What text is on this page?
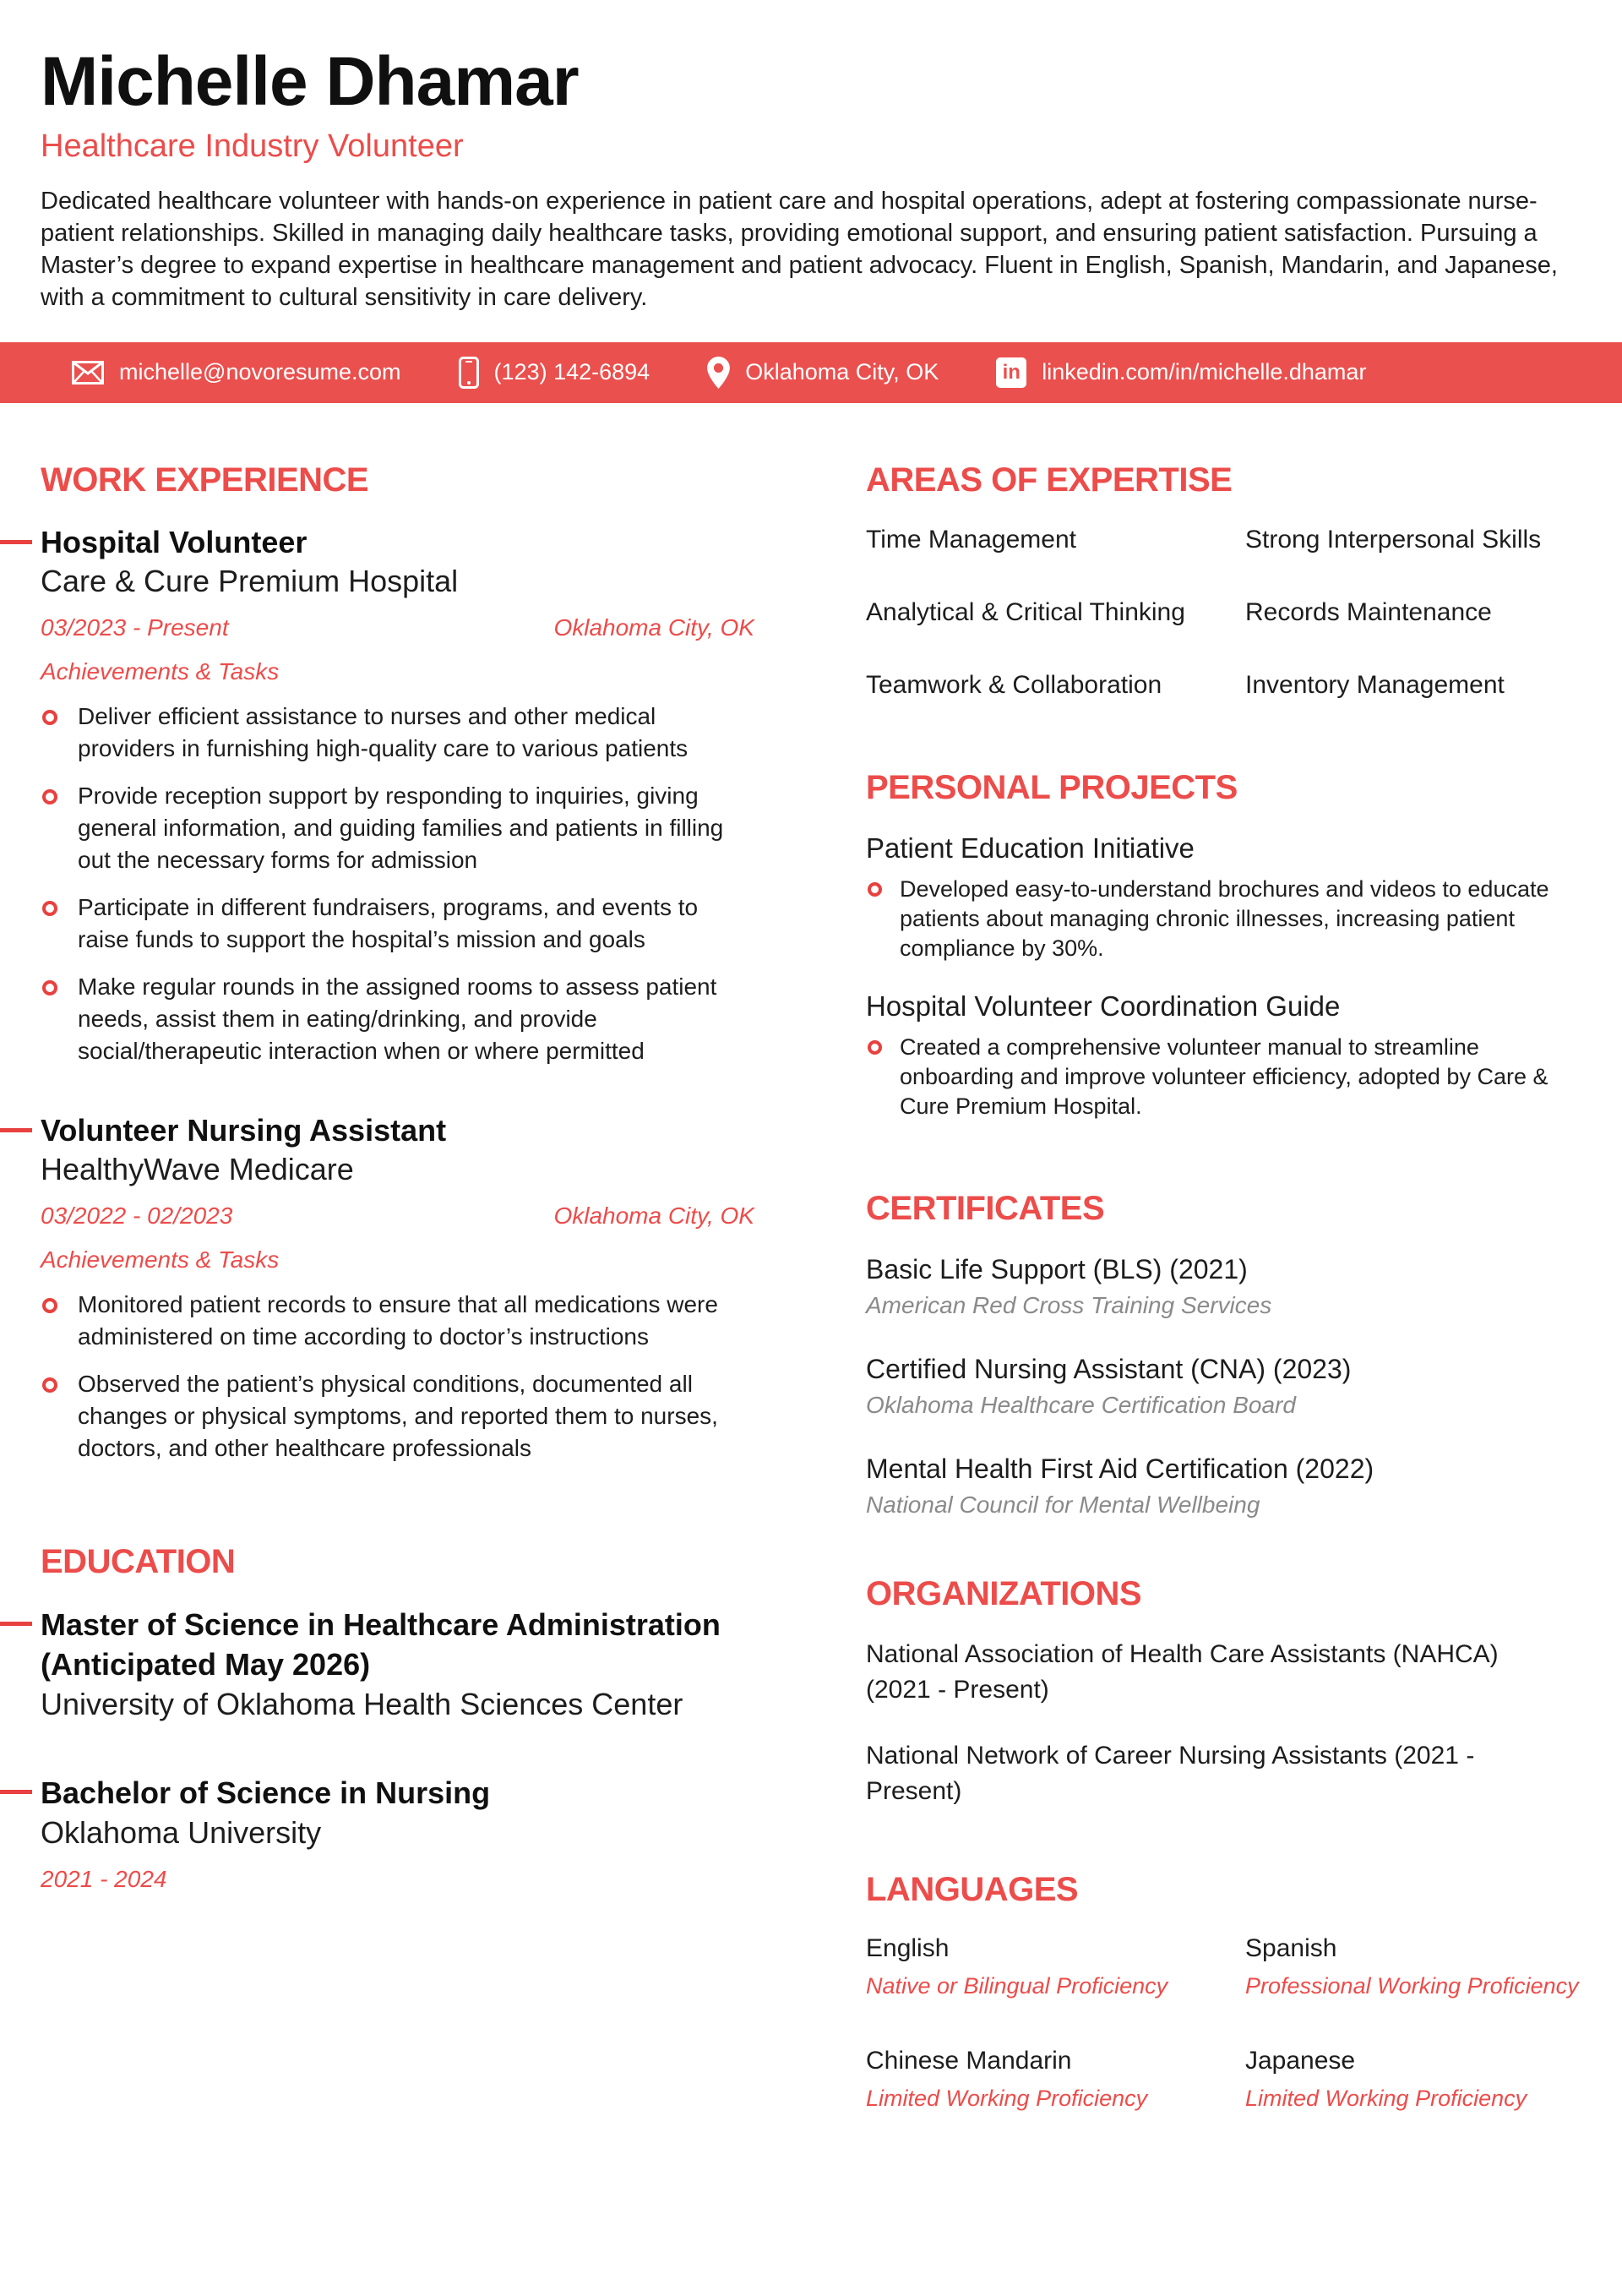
Michelle Dhamar
Healthcare Industry Volunteer
Dedicated healthcare volunteer with hands-on experience in patient care and hospital operations, adept at fostering compassionate nurse-patient relationships. Skilled in managing daily healthcare tasks, providing emotional support, and ensuring patient satisfaction. Pursuing a Master’s degree to expand expertise in healthcare management and patient advocacy. Fluent in English, Spanish, Mandarin, and Japanese, with a commitment to cultural sensitivity in care delivery.
michelle@novoresume.com	(123) 142-6894	Oklahoma City, OK	in linkedin.com/in/michelle.dhamar
WORK EXPERIENCE
Hospital Volunteer
Care & Cure Premium Hospital
03/2023 - Present	Oklahoma City, OK
Achievements & Tasks
Deliver efficient assistance to nurses and other medical providers in furnishing high-quality care to various patients
Provide reception support by responding to inquiries, giving general information, and guiding families and patients in filling out the necessary forms for admission
Participate in different fundraisers, programs, and events to raise funds to support the hospital’s mission and goals
Make regular rounds in the assigned rooms to assess patient needs, assist them in eating/drinking, and provide social/therapeutic interaction when or where permitted
Volunteer Nursing Assistant
HealthyWave Medicare
03/2022 - 02/2023	Oklahoma City, OK
Achievements & Tasks
Monitored patient records to ensure that all medications were administered on time according to doctor’s instructions
Observed the patient’s physical conditions, documented all changes or physical symptoms, and reported them to nurses, doctors, and other healthcare professionals
EDUCATION
Master of Science in Healthcare Administration (Anticipated May 2026)
University of Oklahoma Health Sciences Center
Bachelor of Science in Nursing
Oklahoma University
2021 - 2024
AREAS OF EXPERTISE
Time Management	Strong Interpersonal Skills
Analytical & Critical Thinking	Records Maintenance
Teamwork & Collaboration	Inventory Management
PERSONAL PROJECTS
Patient Education Initiative
Developed easy-to-understand brochures and videos to educate patients about managing chronic illnesses, increasing patient compliance by 30%.
Hospital Volunteer Coordination Guide
Created a comprehensive volunteer manual to streamline onboarding and improve volunteer efficiency, adopted by Care & Cure Premium Hospital.
CERTIFICATES
Basic Life Support (BLS) (2021)
American Red Cross Training Services
Certified Nursing Assistant (CNA) (2023)
Oklahoma Healthcare Certification Board
Mental Health First Aid Certification (2022)
National Council for Mental Wellbeing
ORGANIZATIONS
National Association of Health Care Assistants (NAHCA) (2021 - Present)
National Network of Career Nursing Assistants (2021 - Present)
LANGUAGES
English
Native or Bilingual Proficiency
Spanish
Professional Working Proficiency
Chinese Mandarin
Limited Working Proficiency
Japanese
Limited Working Proficiency
